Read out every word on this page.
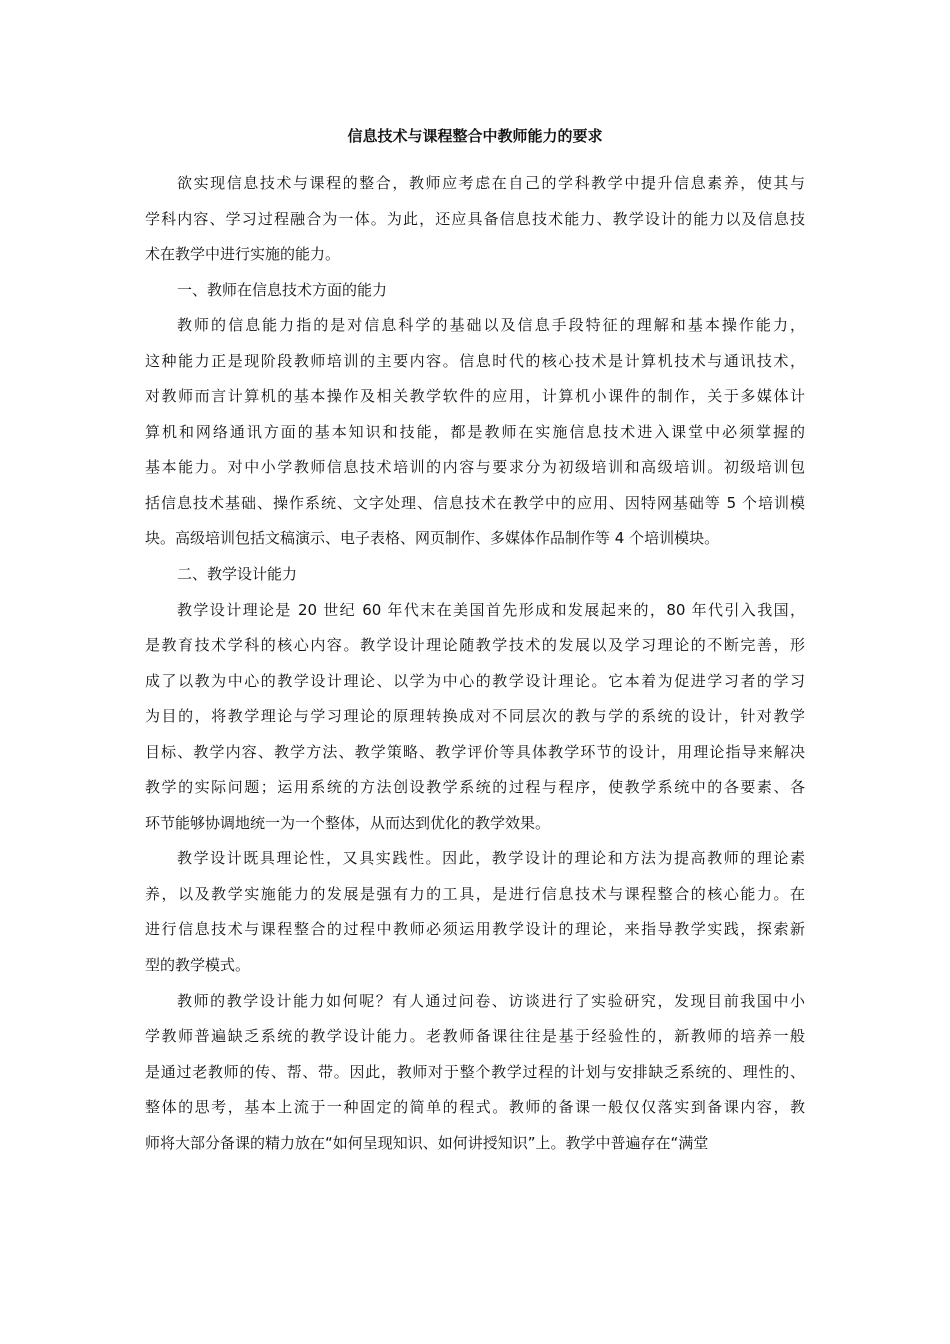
信息技术与课程整合中教师能力的要求
欲实现信息技术与课程的整合，教师应考虑在自己的学科教学中提升信息素养，使其与
学科内容、学习过程融合为一体。为此，还应具备信息技术能力、教学设计的能力以及信息技
术在教学中进行实施的能力。
一、教师在信息技术方面的能力
教师的信息能力指的是对信息科学的基础以及信息手段特征的理解和基本操作能力，
这种能力正是现阶段教师培训的主要内容。信息时代的核心技术是计算机技术与通讯技术，
对教师而言计算机的基本操作及相关教学软件的应用，计算机小课件的制作，关于多媒体计
算机和网络通讯方面的基本知识和技能，都是教师在实施信息技术进入课堂中必须掌握的
基本能力。对中小学教师信息技术培训的内容与要求分为初级培训和高级培训。初级培训包
括信息技术基础、操作系统、文字处理、信息技术在教学中的应用、因特网基础等 5 个培训模
块。高级培训包括文稿演示、电子表格、网页制作、多媒体作品制作等 4 个培训模块。
二、教学设计能力
教学设计理论是 20 世纪 60 年代末在美国首先形成和发展起来的，80 年代引入我国，
是教育技术学科的核心内容。教学设计理论随教学技术的发展以及学习理论的不断完善，形
成了以教为中心的教学设计理论、以学为中心的教学设计理论。它本着为促进学习者的学习
为目的，将教学理论与学习理论的原理转换成对不同层次的教与学的系统的设计，针对教学
目标、教学内容、教学方法、教学策略、教学评价等具体教学环节的设计，用理论指导来解决
教学的实际问题；运用系统的方法创设教学系统的过程与程序，使教学系统中的各要素、各
环节能够协调地统一为一个整体，从而达到优化的教学效果。
教学设计既具理论性，又具实践性。因此，教学设计的理论和方法为提高教师的理论素
养，以及教学实施能力的发展是强有力的工具，是进行信息技术与课程整合的核心能力。在
进行信息技术与课程整合的过程中教师必须运用教学设计的理论，来指导教学实践，探索新
型的教学模式。
教师的教学设计能力如何呢？有人通过问卷、访谈进行了实验研究，发现目前我国中小
学教师普遍缺乏系统的教学设计能力。老教师备课往往是基于经验性的，新教师的培养一般
是通过老教师的传、帮、带。因此，教师对于整个教学过程的计划与安排缺乏系统的、理性的、
整体的思考，基本上流于一种固定的简单的程式。教师的备课一般仅仅落实到备课内容，教
师将大部分备课的精力放在“如何呈现知识、如何讲授知识”上。教学中普遍存在“满堂
